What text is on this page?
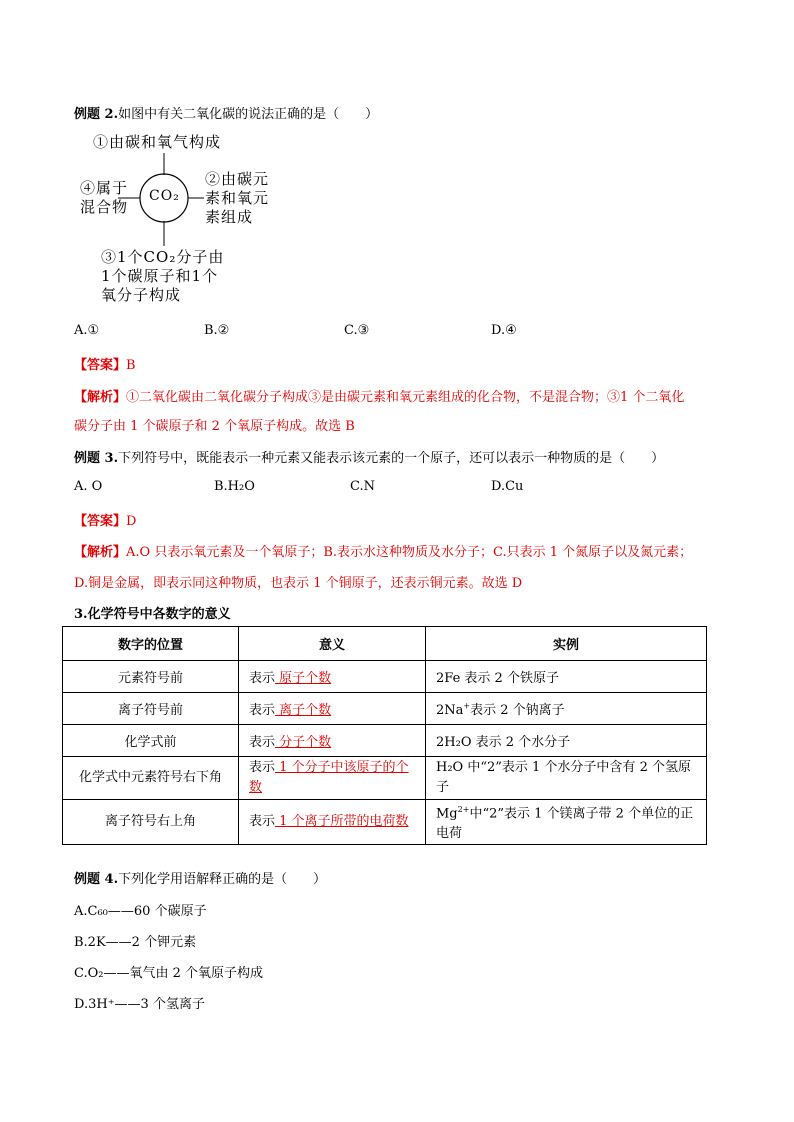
例题 2.如图中有关二氧化碳的说法正确的是（　　）
①由碳和氧气构成
CO₂
②由碳元
素和氧元
素组成
④属于
混合物
③1个CO₂分子由
1个碳原子和1个
氧分子构成
A.①	B.②	C.③	D.④
【答案】B
【解析】①二氧化碳由二氧化碳分子构成③是由碳元素和氧元素组成的化合物，不是混合物；③1 个二氧化
碳分子由 1 个碳原子和 2 个氧原子构成。故选 B
例题 3.下列符号中，既能表示一种元素又能表示该元素的一个原子，还可以表示一种物质的是（　　）
A. O	B.H₂O	C.N	D.Cu
【答案】D
【解析】A.O 只表示氧元素及一个氧原子；B.表示水这种物质及水分子；C.只表示 1 个氮原子以及氮元素；
D.铜是金属，即表示同这种物质，也表示 1 个铜原子，还表示铜元素。故选 D
3.化学符号中各数字的意义
数字的位置	意义	实例
元素符号前	表示 原子个数	2Fe 表示 2 个铁原子
离子符号前	表示 离子个数	2Na+表示 2 个钠离子
化学式前	表示 分子个数	2H₂O 表示 2 个水分子
化学式中元素符号右下角	表示 1 个分子中该原子的个数	H₂O 中“2”表示 1 个水分子中含有 2 个氢原子
离子符号右上角	表示 1 个离子所带的电荷数	$Mg^{2+}$中“2”表示 1 个镁离子带 2 个单位的正电荷
例题 4.下列化学用语解释正确的是（　　）
A.C₆₀——60 个碳原子
B.2K——2 个钾元素
C.O₂——氧气由 2 个氧原子构成
D.3H⁺——3 个氢离子
